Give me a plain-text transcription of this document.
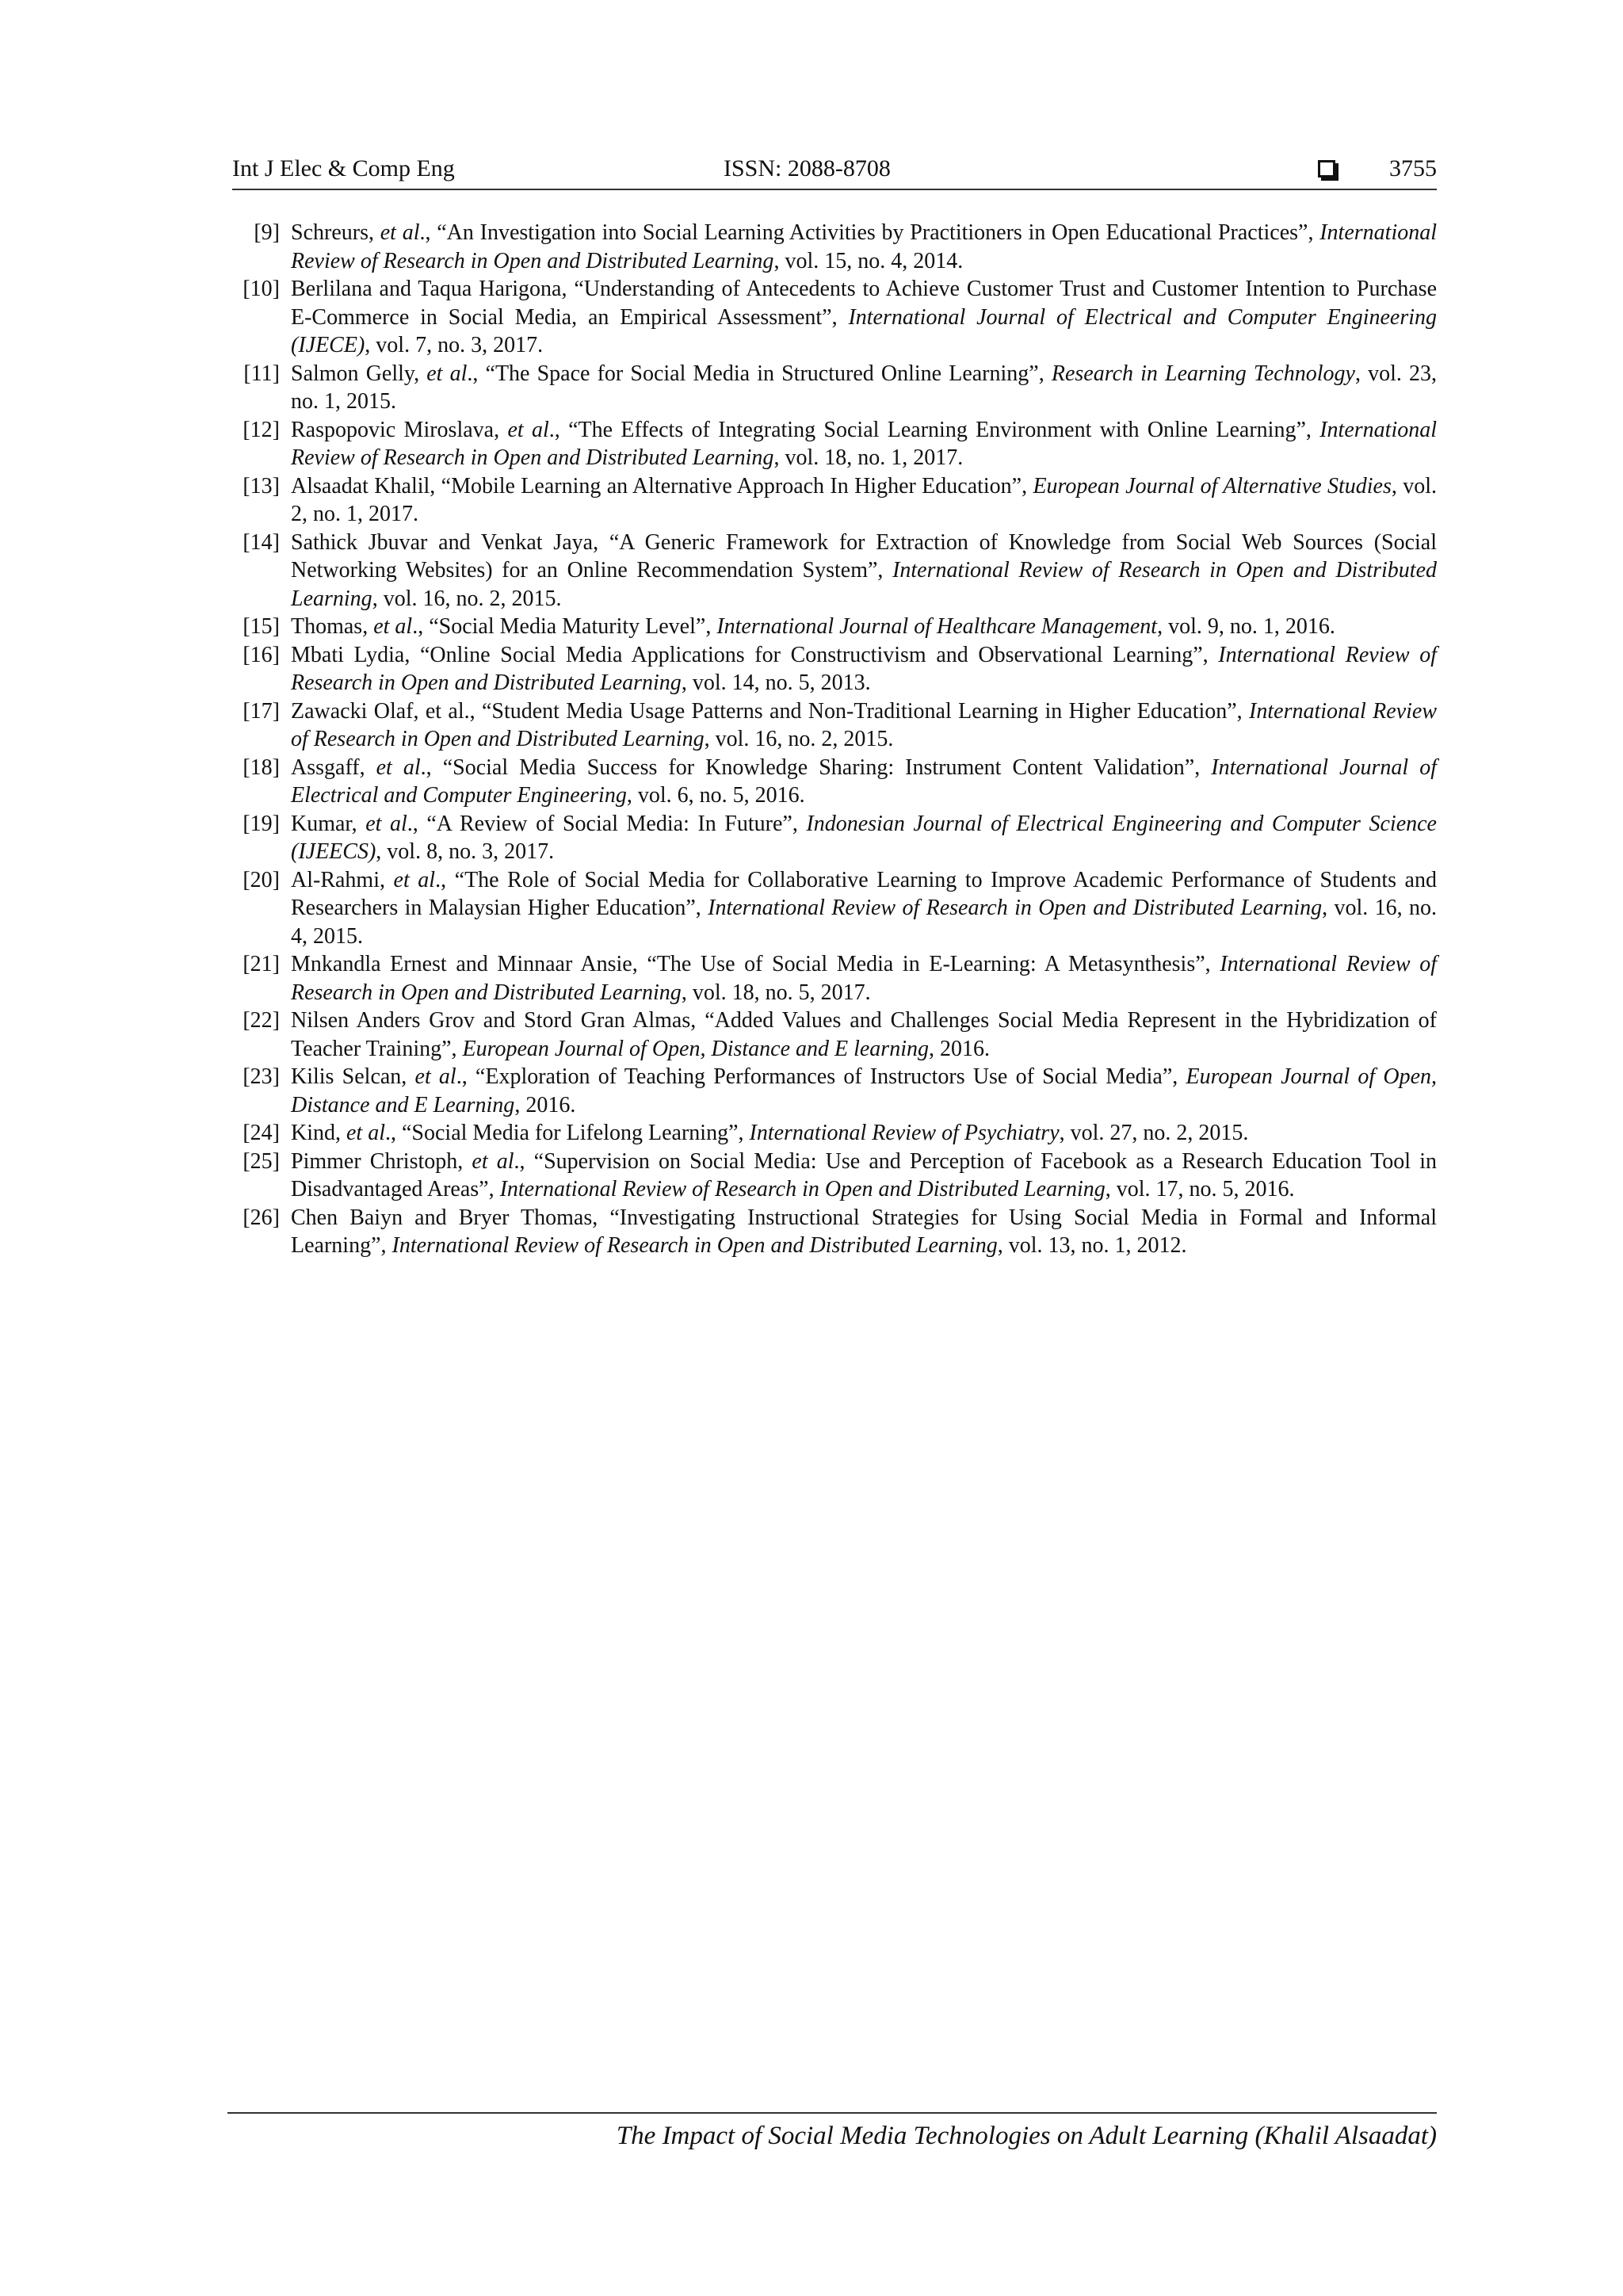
Int J Elec & Comp Eng	ISSN: 2088-8708	3755
[9] Schreurs, et al., “An Investigation into Social Learning Activities by Practitioners in Open Educational Practices”, International Review of Research in Open and Distributed Learning, vol. 15, no. 4, 2014.
[10] Berlilana and Taqua Harigona, “Understanding of Antecedents to Achieve Customer Trust and Customer Intention to Purchase E-Commerce in Social Media, an Empirical Assessment”, International Journal of Electrical and Computer Engineering (IJECE), vol. 7, no. 3, 2017.
[11] Salmon Gelly, et al., “The Space for Social Media in Structured Online Learning”, Research in Learning Technology, vol. 23, no. 1, 2015.
[12] Raspopovic Miroslava, et al., “The Effects of Integrating Social Learning Environment with Online Learning”, International Review of Research in Open and Distributed Learning, vol. 18, no. 1, 2017.
[13] Alsaadat Khalil, “Mobile Learning an Alternative Approach In Higher Education”, European Journal of Alternative Studies, vol. 2, no. 1, 2017.
[14] Sathick Jbuvar and Venkat Jaya, “A Generic Framework for Extraction of Knowledge from Social Web Sources (Social Networking Websites) for an Online Recommendation System”, International Review of Research in Open and Distributed Learning, vol. 16, no. 2, 2015.
[15] Thomas, et al., “Social Media Maturity Level”, International Journal of Healthcare Management, vol. 9, no. 1, 2016.
[16] Mbati Lydia, “Online Social Media Applications for Constructivism and Observational Learning”, International Review of Research in Open and Distributed Learning, vol. 14, no. 5, 2013.
[17] Zawacki Olaf, et al., “Student Media Usage Patterns and Non-Traditional Learning in Higher Education”, International Review of Research in Open and Distributed Learning, vol. 16, no. 2, 2015.
[18] Assgaff, et al., “Social Media Success for Knowledge Sharing: Instrument Content Validation”, International Journal of Electrical and Computer Engineering, vol. 6, no. 5, 2016.
[19] Kumar, et al., “A Review of Social Media: In Future”, Indonesian Journal of Electrical Engineering and Computer Science (IJEECS), vol. 8, no. 3, 2017.
[20] Al-Rahmi, et al., “The Role of Social Media for Collaborative Learning to Improve Academic Performance of Students and Researchers in Malaysian Higher Education”, International Review of Research in Open and Distributed Learning, vol. 16, no. 4, 2015.
[21] Mnkandla Ernest and Minnaar Ansie, “The Use of Social Media in E-Learning: A Metasynthesis”, International Review of Research in Open and Distributed Learning, vol. 18, no. 5, 2017.
[22] Nilsen Anders Grov and Stord Gran Almas, “Added Values and Challenges Social Media Represent in the Hybridization of Teacher Training”, European Journal of Open, Distance and E learning, 2016.
[23] Kilis Selcan, et al., “Exploration of Teaching Performances of Instructors Use of Social Media”, European Journal of Open, Distance and E Learning, 2016.
[24] Kind, et al., “Social Media for Lifelong Learning”, International Review of Psychiatry, vol. 27, no. 2, 2015.
[25] Pimmer Christoph, et al., “Supervision on Social Media: Use and Perception of Facebook as a Research Education Tool in Disadvantaged Areas”, International Review of Research in Open and Distributed Learning, vol. 17, no. 5, 2016.
[26] Chen Baiyn and Bryer Thomas, “Investigating Instructional Strategies for Using Social Media in Formal and Informal Learning”, International Review of Research in Open and Distributed Learning, vol. 13, no. 1, 2012.
The Impact of Social Media Technologies on Adult Learning (Khalil Alsaadat)
